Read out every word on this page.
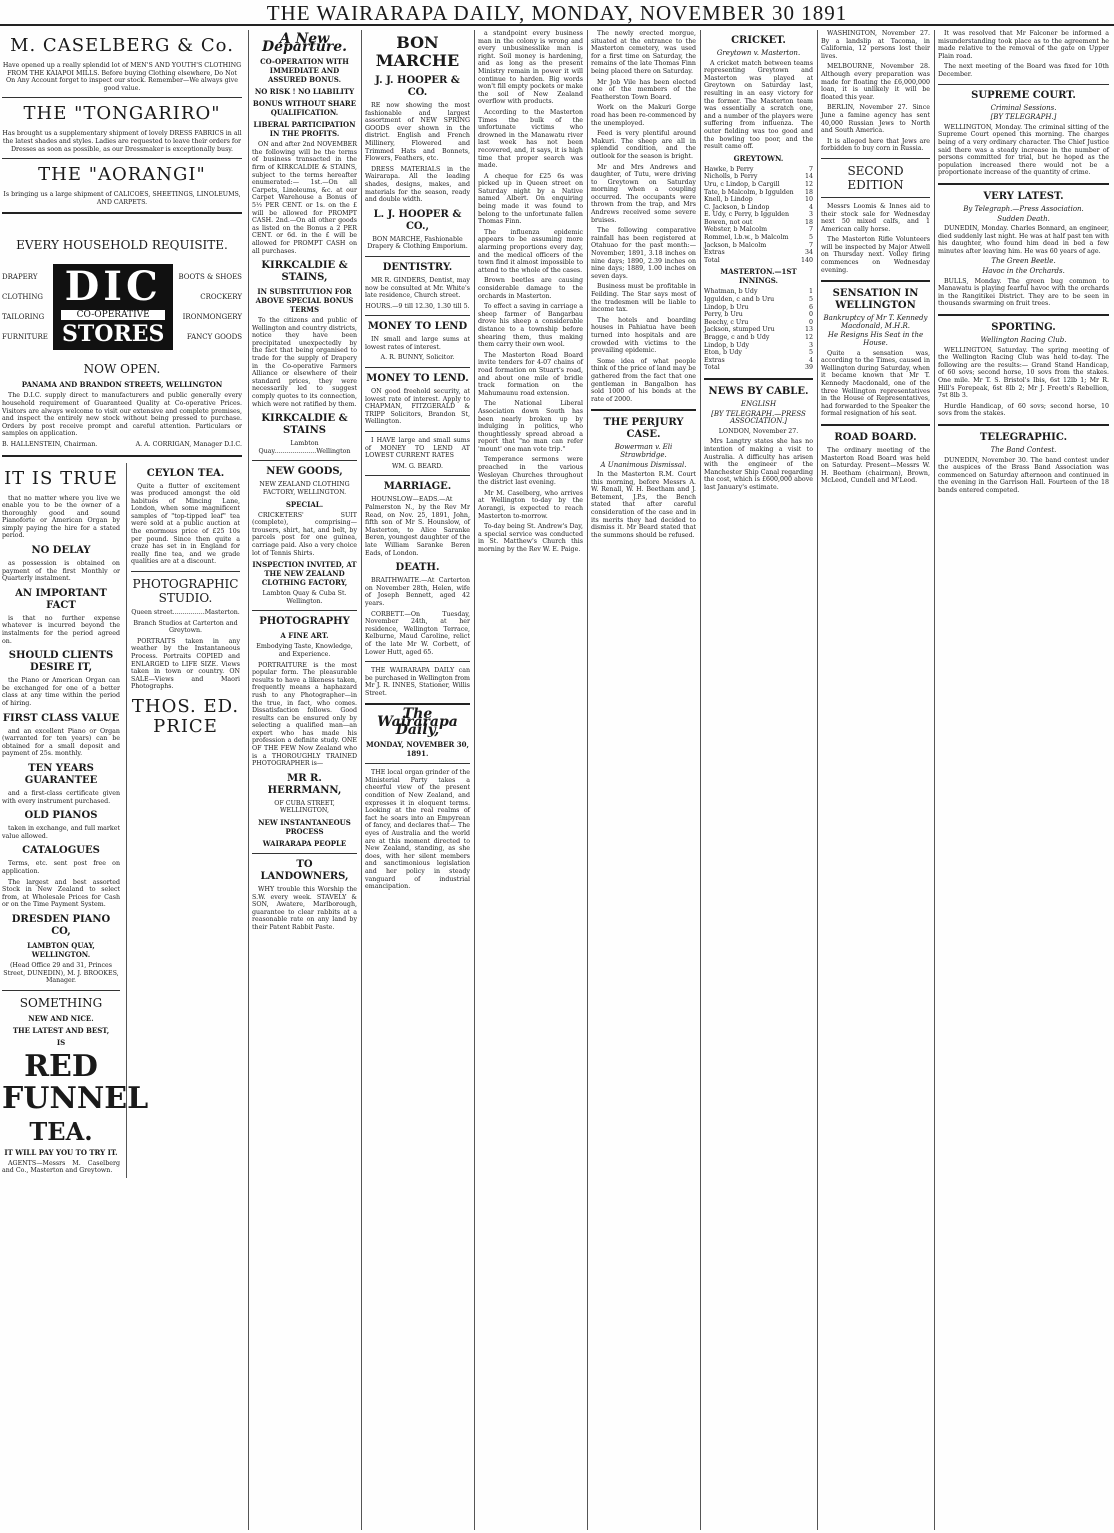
THE WAIRARAPA DAILY, MONDAY, NOVEMBER 30 1891
M. CASELBERG & Co.

Have opened up a really splendid lot of MEN'S AND YOUTH'S CLOTHING FROM THE KAIAPOI MILLS. Before buying Clothing elsewhere, Do Not On Any Account forget to inspect our stock. Remember—We always give good value.

THE "TONGARIRO"

Has brought us a supplementary shipment of lovely DRESS FABRICS in all the latest shades and styles. Ladies are requested to leave their orders for Dresses as soon as possible, as our Dressmaker is exceptionally busy.

THE "AORANGI"

Is bringing us a large shipment of CALICOES, SHEETINGS, LINOLEUMS, AND CARPETS.

EVERY HOUSEHOLD REQUISITE.
DRAPERY
CLOTHING
TAILORING
FURNITURE
DIC
CO-OPERATIVE
STORES
BOOTS & SHOES
CROCKERY
IRONMONGERY
FANCY GOODS
NOW OPEN.
PANAMA AND BRANDON STREETS, WELLINGTON

The D.I.C. supply direct to manufacturers and public generally every household requirement of Guaranteed Quality at Co-operative Prices. Visitors are always welcome to visit our extensive and complete premises, and inspect the entirely new stock without being pressed to purchase. Orders by post receive prompt and careful attention. Particulars or samples on application.

B. HALLENSTEIN, Chairman.	A. A. CORRIGAN, Manager D.I.C.
IT IS TRUE

that no matter where you live we enable you to be the owner of a thoroughly good and sound Pianoforte or American Organ by simply paying the hire for a stated period.

NO DELAY

as possession is obtained on payment of the first Monthly or Quarterly instalment.

AN IMPORTANT FACT

is that no further expense whatever is incurred beyond the instalments for the period agreed on.

SHOULD CLIENTS DESIRE IT,

the Piano or American Organ can be exchanged for one of a better class at any time within the period of hiring.

FIRST CLASS VALUE

and an excellent Piano or Organ (warranted for ten years) can be obtained for a small deposit and payment of 25s. monthly.

TEN YEARS GUARANTEE

and a first-class certificate given with every instrument purchased.

OLD PIANOS

taken in exchange, and full market value allowed.

CATALOGUES

Terms, etc. sent post free on application.

The largest and best assorted Stock in New Zealand to select from, at Wholesale Prices for Cash or on the Time Payment System.

DRESDEN PIANO CO,
LAMBTON QUAY, WELLINGTON.

(Head Office 29 and 31, Princes Street, DUNEDIN), M. J. BROOKES, Manager.

SOMETHING
NEW AND NICE.
THE LATEST AND BEST,
IS
RED FUNNEL
TEA.
IT WILL PAY YOU TO TRY IT.

AGENTS—Messrs M. Caselberg and Co., Masterton and Greytown.

CEYLON TEA.

Quite a flutter of excitement was produced amongst the old habitués of Mincing Lane, London, when some magnificent samples of "top-tipped leaf" tea were sold at a public auction at the enormous price of £25 10s per pound. Since then quite a craze has set in in England for really fine tea, and we grade qualities are at a discount.

PHOTOGRAPHIC STUDIO.

Queen street................Masterton.

Branch Studios at Carterton and Greytown.

PORTRAITS taken in any weather by the Instantaneous Process. Portraits COPIED and ENLARGED to LIFE SIZE. Views taken in town or country. ON SALE—Views and Maori Photographs.

THOS. ED. PRICE
A New Departure.
CO-OPERATION WITH IMMEDIATE AND ASSURED BONUS.
NO RISK ! NO LIABILITY
BONUS WITHOUT SHARE QUALIFICATION.
LIBERAL PARTICIPATION IN THE PROFITS.

ON and after 2nd NOVEMBER the following will be the terms of business transacted in the firm of KIRKCALDIE & STAINS, subject to the terms hereafter enumerated:— 1st.—On all Carpets, Linoleums, &c. at our Carpet Warehouse a Bonus of 5½ PER CENT. or 1s. on the £ will be allowed for PROMPT CASH. 2nd.—On all other goods as listed on the Bonus a 2 PER CENT. or 6d. in the £ will be allowed for PROMPT CASH on all purchases.

KIRKCALDIE & STAINS,
IN SUBSTITUTION FOR ABOVE SPECIAL BONUS TERMS

To the citizens and public of Wellington and country districts, notice they have been precipitated unexpectedly by the fact that being organised to trade for the supply of Drapery in the Co-operative Farmers Alliance or elsewhere of their standard prices, they were necessarily led to suggest comply quotes to its connection, which were not ratified by them.

KIRKCALDIE & STAINS

Lambton Quay.....................Wellington

NEW GOODS,

NEW ZEALAND CLOTHING FACTORY, WELLINGTON.

SPECIAL.

CRICKETERS' SUIT (complete), comprising—trousers, shirt, hat, and belt, by parcels post for one guinea, carriage paid. Also a very choice lot of Tennis Shirts.

INSPECTION INVITED, AT THE NEW ZEALAND CLOTHING FACTORY,

Lambton Quay & Cuba St. Wellington.

PHOTOGRAPHY
A FINE ART.

Embodying Taste, Knowledge, and Experience.

PORTRAITURE is the most popular form. The pleasurable results to have a likeness taken, frequently means a haphazard rush to any Photographer—in the true, in fact, who comes. Dissatisfaction follows. Good results can be ensured only by selecting a qualified man—an expert who has made his profession a definite study. ONE OF THE FEW Now Zealand who is a THOROUGHLY TRAINED PHOTOGRAPHER is—

MR R. HERRMANN,

OF CUBA STREET, WELLINGTON,

NEW INSTANTANEOUS PROCESS
WAIRARAPA PEOPLE
TO LANDOWNERS,

WHY trouble this Worship the S.W. every week. STAVELY & SON, Awatere, Marlborough, guarantee to clear rabbits at a reasonable rate on any land by their Patent Rabbit Paste.

BON MARCHE
J. J. HOOPER & CO.

RE now showing the most fashionable and largest assortment of NEW SPRING GOODS ever shown in the district. English and French Millinery, Flowered and Trimmed Hats and Bonnets, Flowers, Feathers, etc.

DRESS MATERIALS in the Wairarapa. All the leading shades, designs, makes, and materials for the season, ready and double width.

L. J. HOOPER & CO.,

BON MARCHE, Fashionable Drapery & Clothing Emporium.

DENTISTRY.

MR R. GINDERS, Dentist, may now be consulted at Mr. White's late residence, Church street.

HOURS.—9 till 12.30, 1.30 till 5.

MONEY TO LEND

IN small and large sums at lowest rates of interest.

A. R. BUNNY, Solicitor.

MONEY TO LEND.

ON good freehold security, at lowest rate of interest. Apply to CHAPMAN, FITZGERALD & TRIPP Solicitors, Brandon St, Wellington.

I HAVE large and small sums of MONEY TO LEND AT LOWEST CURRENT RATES

WM. G. BEARD.

MARRIAGE.

HOUNSLOW—EADS.—At Palmerston N., by the Rev Mr Read, on Nov. 25, 1891, John, fifth son of Mr S. Hounslow, of Masterton, to Alice Saranke Beren, youngest daughter of the late William Saranke Beren Eads, of London.

DEATH.

BRAITHWAITE.—At Carterton on November 28th, Helen, wife of Joseph Bennett, aged 42 years.

CORBETT.—On Tuesday, November 24th, at her residence, Wellington Terrace, Kelburne, Maud Caroline, relict of the late Mr W. Corbett, of Lower Hutt, aged 65.

THE WAIRARAPA DAILY can be purchased in Wellington from Mr J. R. INNES, Stationer, Willis Street.

The Wairarapa Daily,
MONDAY, NOVEMBER 30, 1891.

THE local organ grinder of the Ministerial Party takes a cheerful view of the present condition of New Zealand, and expresses it in eloquent terms. Looking at the real realms of fact he soars into an Empyrean of fancy, and declares that— The eyes of Australia and the world are at this moment directed to New Zealand, standing, as she does, with her silent members and sanctimonious legislation and her policy in steady vanguard of industrial emancipation.

a standpoint every business man in the colony is wrong and every unbusinesslike man is right. Soil money is hardening, and as long as the present Ministry remain in power it will continue to harden. Big words won't fill empty pockets or make the soil of New Zealand overflow with products.

According to the Masterton Times the bulk of the unfortunate victims who drowned in the Manawatu river last week has not been recovered, and, it says, it is high time that proper search was made.

A cheque for £25 6s was picked up in Queen street on Saturday night by a Native named Albert. On enquiring being made it was found to belong to the unfortunate fallen Thomas Finn.

The influenza epidemic appears to be assuming more alarming proportions every day, and the medical officers of the town find it almost impossible to attend to the whole of the cases.

Brown beetles are causing considerable damage to the orchards in Masterton.

To effect a saving in carriage a sheep farmer of Bangarbau drove his sheep a considerable distance to a township before shearing them, thus making them carry their own wool.

The Masterton Road Board invite tenders for 4-07 chains of road formation on Stuart's road, and about one mile of bridle track formation on the Mahumaunu road extension.

The National Liberal Association down South has been nearly broken up by indulging in politics, who thoughtlessly spread abroad a report that "no man can refer 'mount' one man vote trip."

Temperance sermons were preached in the various Wesleyan Churches throughout the district last evening.

Mr M. Caselberg, who arrives at Wellington to-day by the Aorangi, is expected to reach Masterton to-morrow.

To-day being St. Andrew's Day, a special service was conducted in St. Matthew's Church this morning by the Rev W. E. Paige.

The newly erected morgue, situated at the entrance to the Masterton cemetery, was used for a first time on Saturday, the remains of the late Thomas Finn being placed there on Saturday.

Mr Job Vile has been elected one of the members of the Featherston Town Board.

Work on the Makuri Gorge road has been re-commenced by the unemployed.

Feed is very plentiful around Makuri. The sheep are all in splendid condition, and the outlook for the season is bright.

Mr and Mrs Andrews and daughter, of Tutu, were driving to Greytown on Saturday morning when a coupling occurred. The occupants were thrown from the trap, and Mrs Andrews received some severe bruises.

The following comparative rainfall has been registered at Otahuao for the past month:—November, 1891, 3.18 inches on nine days; 1890, 2.39 inches on nine days; 1889, 1.00 inches on seven days.

Business must be profitable in Feilding. The Star says most of the tradesmen will be liable to income tax.

The hotels and boarding houses in Pahiatua have been turned into hospitals and are crowded with victims to the prevailing epidemic.

Some idea of what people think of the price of land may be gathered from the fact that one gentleman in Bangalbon has sold 1000 of his bonds at the rate of 2000.

THE PERJURY CASE.
Bowerman v. Eli Strawbridge.
A Unanimous Dismissal.

In the Masterton R.M. Court this morning, before Messrs A. W. Renall, W. H. Beetham and J. Betement, J.P.s, the Bench stated that after careful consideration of the case and in its merits they had decided to dismiss it. Mr Beard stated that the summons should be refused.

CRICKET.
Greytown v. Masterton.

A cricket match between teams representing Greytown and Masterton was played at Greytown on Saturday last, resulting in an easy victory for the former. The Masterton team was essentially a scratch one, and a number of the players were suffering from influenza. The outer fielding was too good and the bowling too poor, and the result came off.

GREYTOWN.
Hawke, b Perry	7
Nicholls, b Perry	14
Uru, c Lindop, b Cargill	12
Tate, b Malcolm, b Iggulden 18
Knell, b Lindop	10
C. Jackson, b Lindop	4
E. Udy, c Perry, b Iggulden	3
Bowen, not out	18
Webster, b Malcolm	7
Rommel, l.b.w., b Malcolm	5
Jackson, b Malcolm	7
Extras	34
Total	140
MASTERTON.—1ST INNINGS.
Whatman, b Udy	1
Iggulden, c and b Uru	5
Lindop, b Uru	6
Perry, b Uru	0
Beechy, c Uru	0
Jackson, stumped Uru	13
Bragge, c and b Udy	12
Lindop, b Udy	3
Eton, b Udy	5
Extras	4
Total	39
NEWS BY CABLE.
ENGLISH
[BY TELEGRAPH.—PRESS ASSOCIATION.]

LONDON, November 27.

Mrs Langtry states she has no intention of making a visit to Australia. A difficulty has arisen with the engineer of the Manchester Ship Canal regarding the cost, which is £600,000 above last January's estimate.

WASHINGTON, November 27. By a landslip at Tacoma, in California, 12 persons lost their lives.

MELBOURNE, November 28. Although every preparation was made for floating the £6,000,000 loan, it is unlikely it will be floated this year.

BERLIN, November 27. Since June a famine agency has sent 40,000 Russian Jews to North and South America.

It is alleged here that Jews are forbidden to buy corn in Russia.

SECOND EDITION

Messrs Loomis & Innes aid to their stock sale for Wednesday next 50 mixed calfs, and 1 American cally horse.

The Masterton Rifle Volunteers will be inspected by Major Atwell on Thursday next. Volley firing commences on Wednesday evening.

SENSATION IN WELLINGTON
Bankruptcy of Mr T. Kennedy Macdonald, M.H.R.
He Resigns His Seat in the House.

Quite a sensation was, according to the Times, caused in Wellington during Saturday, when it became known that Mr T. Kennedy Macdonald, one of the three Wellington representatives in the House of Representatives, had forwarded to the Speaker the formal resignation of his seat.

ROAD BOARD.

The ordinary meeting of the Masterton Road Board was held on Saturday. Present—Messrs W. H. Beetham (chairman), Brown, McLeod, Cundell and M'Leod.

It was resolved that Mr Falconer be informed a misunderstanding took place as to the agreement he made relative to the removal of the gate on Upper Plain road.

The next meeting of the Board was fixed for 10th December.

SUPREME COURT.
Criminal Sessions.
[BY TELEGRAPH.]

WELLINGTON, Monday. The criminal sitting of the Supreme Court opened this morning. The charges being of a very ordinary character. The Chief Justice said there was a steady increase in the number of persons committed for trial, but he hoped as the population increased there would not be a proportionate increase of the quantity of crime.

VERY LATEST.
By Telegraph.—Press Association.
Sudden Death.

DUNEDIN, Monday. Charles Bonnard, an engineer, died suddenly last night. He was at half past ten with his daughter, who found him dead in bed a few minutes after leaving him. He was 60 years of age.

The Green Beetle.
Havoc in the Orchards.

BULLS, Monday. The green bug common to Manawatu is playing fearful havoc with the orchards in the Rangitikei District. They are to be seen in thousands swarming on fruit trees.

SPORTING.
Wellington Racing Club.

WELLINGTON, Saturday. The spring meeting of the Wellington Racing Club was held to-day. The following are the results:— Grand Stand Handicap, of 60 sovs; second horse, 10 sovs from the stakes. One mile. Mr T. S. Bristol's Ibis, 6st 12lb 1; Mr R. Hill's Forepeak, 6st 8lb 2; Mr J. Freeth's Rebellion, 7st 8lb 3.

Hurdle Handicap, of 60 sovs; second horse, 10 sovs from the stakes.

TELEGRAPHIC.
The Band Contest.

DUNEDIN, November 30. The band contest under the auspices of the Brass Band Association was commenced on Saturday afternoon and continued in the evening in the Garrison Hall. Fourteen of the 18 bands entered competed.
